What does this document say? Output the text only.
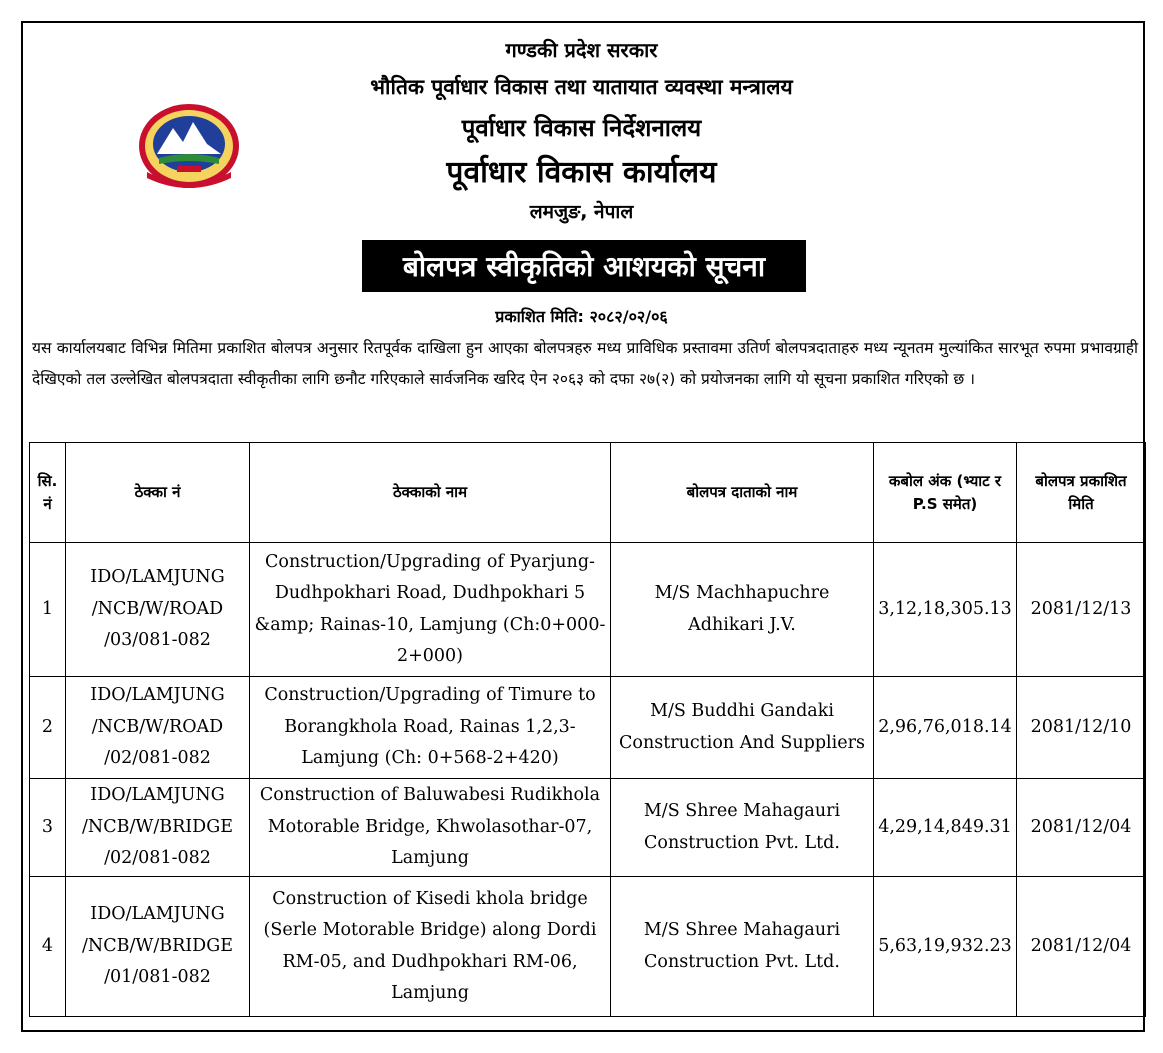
गण्डकी प्रदेश सरकार
भौतिक पूर्वाधार विकास तथा यातायात व्यवस्था मन्त्रालय
पूर्वाधार विकास निर्देशनालय
पूर्वाधार विकास कार्यालय
लमजुङ, नेपाल
बोलपत्र स्वीकृतिको आशयको सूचना
प्रकाशित मिति: २०८२/०२/०६
यस कार्यालयबाट विभिन्न मितिमा प्रकाशित बोलपत्र अनुसार रितपूर्वक दाखिला हुन आएका बोलपत्रहरु मध्य प्राविधिक प्रस्तावमा उतिर्ण बोलपत्रदाताहरु मध्य न्यूनतम मुल्यांकित सारभूत रुपमा प्रभावग्राही देखिएको तल उल्लेखित बोलपत्रदाता स्वीकृतीका लागि छनौट गरिएकाले सार्वजनिक खरिद ऐन २०६३ को दफा २७(२) को प्रयोजनका लागि यो सूचना प्रकाशित गरिएको छ ।
सि. नं	ठेक्का नं	ठेक्काको नाम	बोलपत्र दाताको नाम	कबोल अंक (भ्याट र P.S समेत)	बोलपत्र प्रकाशित मिति
1	IDO/LAMJUNG /NCB/W/ROAD /03/081-082	Construction/Upgrading of Pyarjung-Dudhpokhari Road, Dudhpokhari 5 &amp; Rainas-10, Lamjung (Ch:0+000-2+000)	M/S Machhapuchre Adhikari J.V.	3,12,18,305.13	2081/12/13
2	IDO/LAMJUNG /NCB/W/ROAD /02/081-082	Construction/Upgrading of Timure to Borangkhola Road, Rainas 1,2,3-Lamjung (Ch: 0+568-2+420)	M/S Buddhi Gandaki Construction And Suppliers	2,96,76,018.14	2081/12/10
3	IDO/LAMJUNG /NCB/W/BRIDGE /02/081-082	Construction of Baluwabesi Rudikhola Motorable Bridge, Khwolasothar-07, Lamjung	M/S Shree Mahagauri Construction Pvt. Ltd.	4,29,14,849.31	2081/12/04
4	IDO/LAMJUNG /NCB/W/BRIDGE /01/081-082	Construction of Kisedi khola bridge (Serle Motorable Bridge) along Dordi RM-05, and Dudhpokhari RM-06, Lamjung	M/S Shree Mahagauri Construction Pvt. Ltd.	5,63,19,932.23	2081/12/04
